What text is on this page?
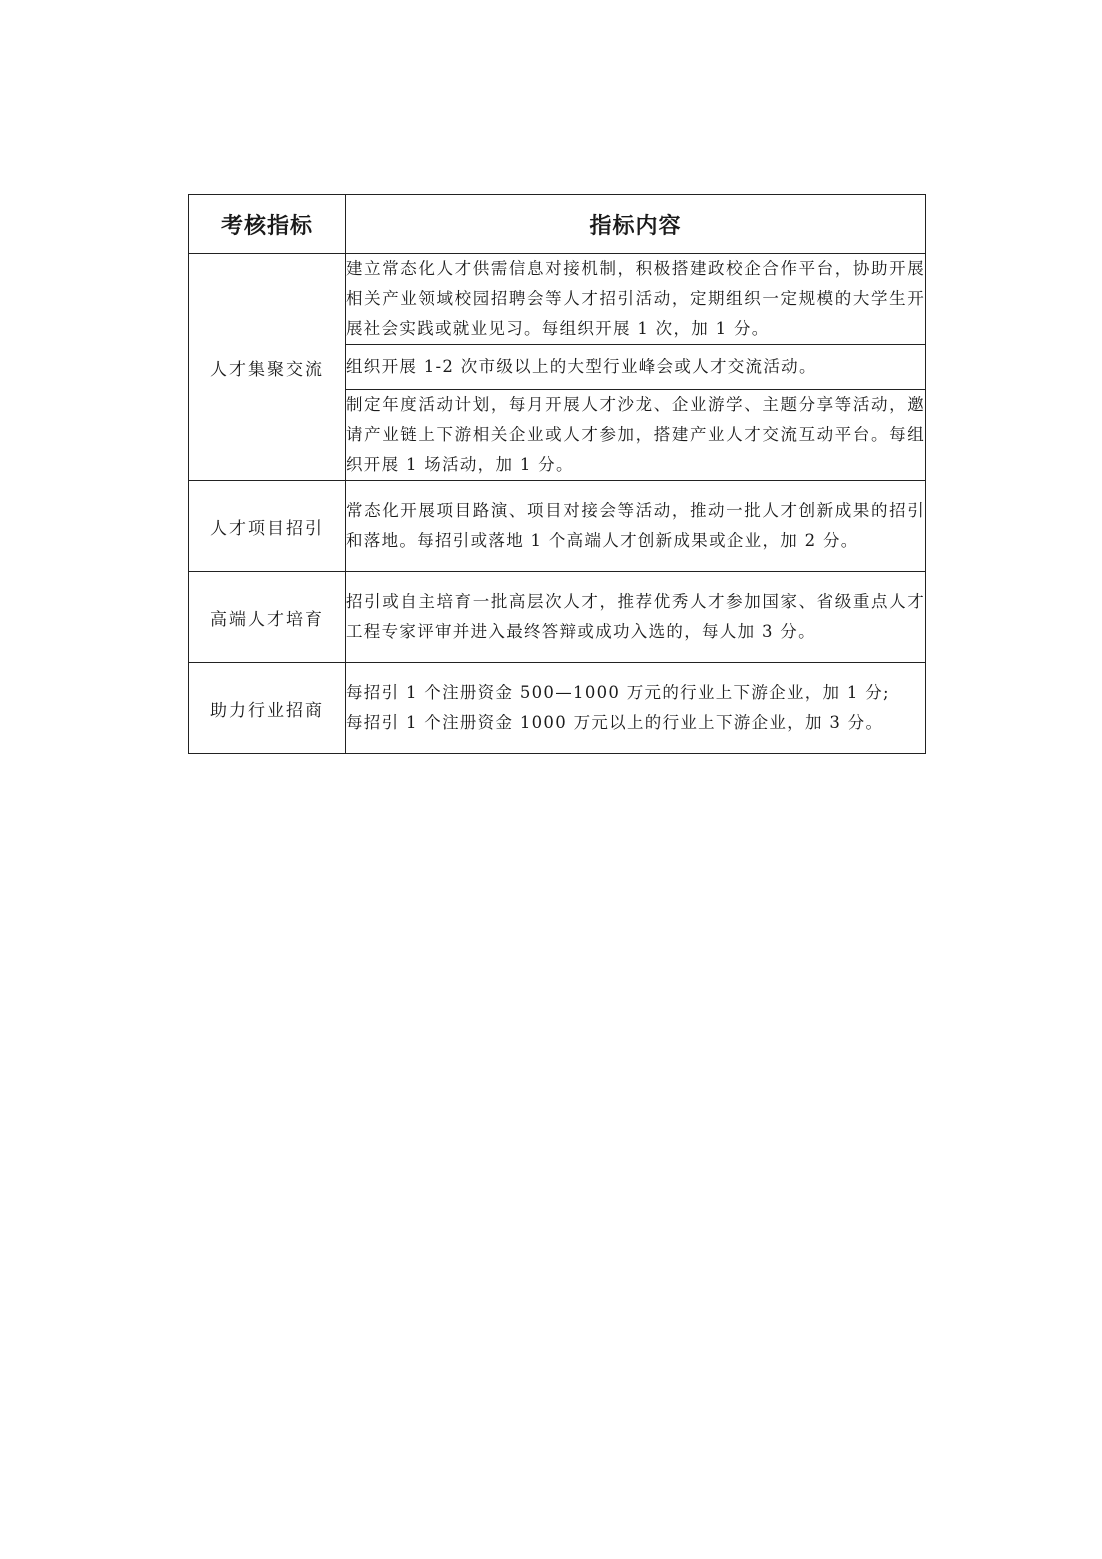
考核指标	指标内容
人才集聚交流	建立常态化人才供需信息对接机制，积极搭建政校企合作平台，协助开展相关产业领域校园招聘会等人才招引活动，定期组织一定规模的大学生开展社会实践或就业见习。每组织开展 1 次，加 1 分。
	组织开展 1-2 次市级以上的大型行业峰会或人才交流活动。
	制定年度活动计划，每月开展人才沙龙、企业游学、主题分享等活动，邀请产业链上下游相关企业或人才参加，搭建产业人才交流互动平台。每组织开展 1 场活动，加 1 分。
人才项目招引	常态化开展项目路演、项目对接会等活动，推动一批人才创新成果的招引和落地。每招引或落地 1 个高端人才创新成果或企业，加 2 分。
高端人才培育	招引或自主培育一批高层次人才，推荐优秀人才参加国家、省级重点人才工程专家评审并进入最终答辩或成功入选的，每人加 3 分。
助力行业招商	每招引 1 个注册资金 500—1000 万元的行业上下游企业，加 1 分;
每招引 1 个注册资金 1000 万元以上的行业上下游企业，加 3 分。
